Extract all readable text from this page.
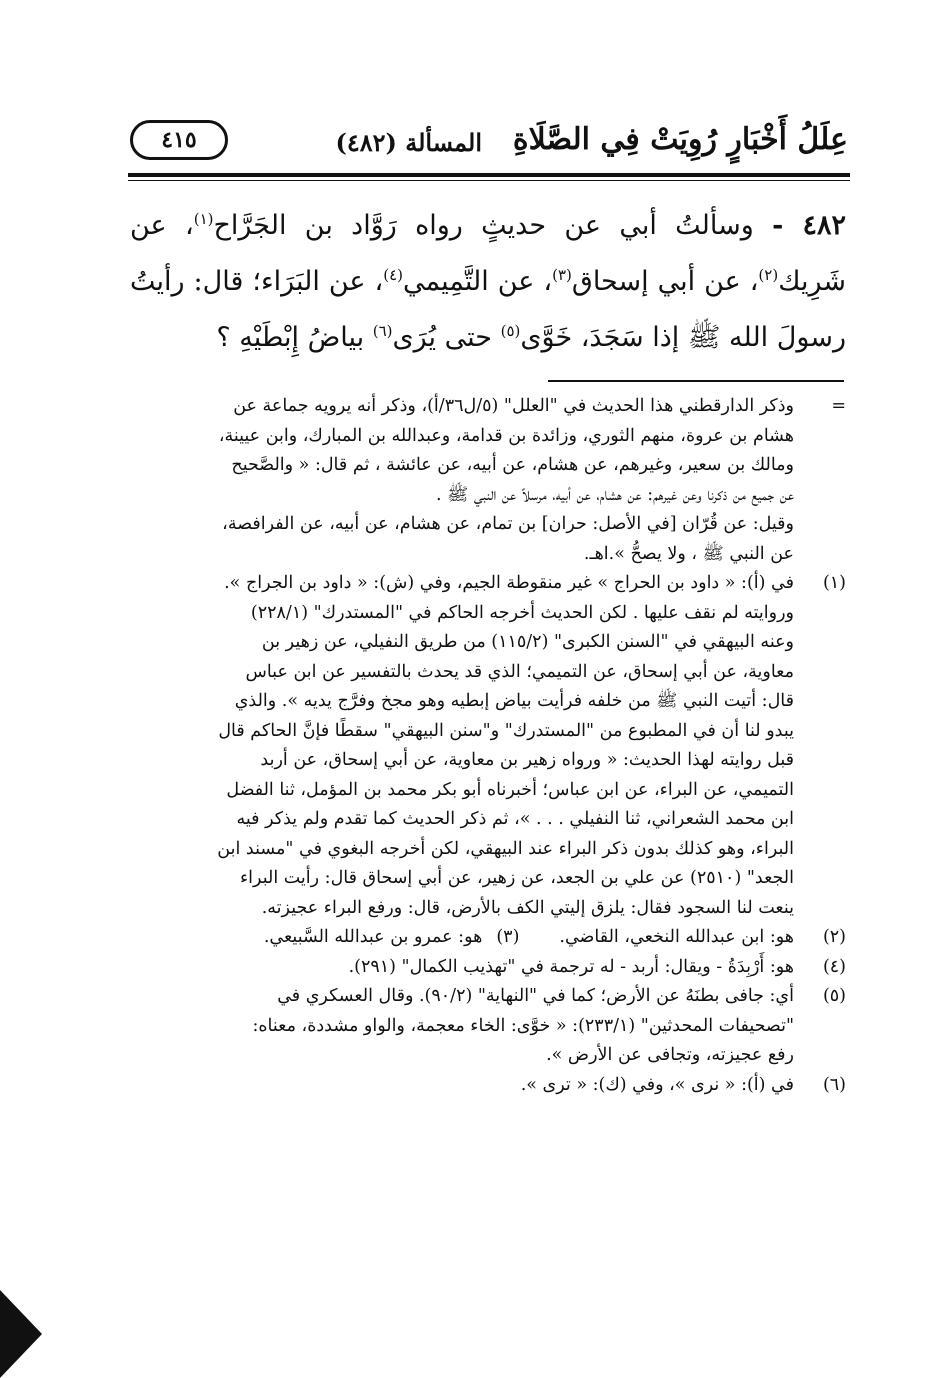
عِلَلُ أَخْبَارٍ رُوِيَتْ فِي الصَّلَاةِ
المسألة (٤٨٢)
٤١٥
٤٨٢ - وسألتُ أبي عن حديثٍ رواه رَوَّاد بن الجَرَّاح$^{(١)}$، عن شَرِيك$^{(٢)}$، عن أبي إسحاق$^{(٣)}$، عن التَّمِيمي$^{(٤)}$، عن البَرَاء؛ قال: رأيتُ رسولَ الله ﷺ إذا سَجَدَ، خَوَّى$^{(٥)}$ حتى يُرَى$^{(٦)}$ بياضُ إِبْطَيْهِ ؟
=
وذكر الدارقطني هذا الحديث في "العلل" (٥/ل٣٦/أ)، وذكر أنه يرويه جماعة عن
هشام بن عروة، منهم الثوري، وزائدة بن قدامة، وعبدالله بن المبارك، وابن عيينة،
ومالك بن سعير، وغيرهم، عن هشام، عن أبيه، عن عائشة ، ثم قال: « والصَّحيح
عن جميع من ذكرنا وعن غيرهم: عن هشام، عن أبيه، مرسلاً عن النبي ﷺ .
وقيل: عن قُرّان [في الأصل: حران] بن تمام، عن هشام، عن أبيه، عن الفرافصة،
عن النبي ﷺ ، ولا يصحُّ ».اهـ.
(١)
في (أ): « داود بن الحراج » غير منقوطة الجيم، وفي (ش): « داود بن الجراج ».
وروايته لم نقف عليها . لكن الحديث أخرجه الحاكم في "المستدرك" (٢٢٨/١)
وعنه البيهقي في "السنن الكبرى" (١١٥/٢) من طريق النفيلي، عن زهير بن
معاوية، عن أبي إسحاق، عن التميمي؛ الذي قد يحدث بالتفسير عن ابن عباس
قال: أتيت النبي ﷺ من خلفه فرأيت بياض إبطيه وهو مجخ وفرَّج يديه ». والذي
يبدو لنا أن في المطبوع من "المستدرك" و"سنن البيهقي" سقطًا فإنَّ الحاكم قال
قبل روايته لهذا الحديث: « ورواه زهير بن معاوية، عن أبي إسحاق، عن أربد
التميمي، عن البراء، عن ابن عباس؛ أخبرناه أبو بكر محمد بن المؤمل، ثنا الفضل
ابن محمد الشعراني، ثنا النفيلي . . . »، ثم ذكر الحديث كما تقدم ولم يذكر فيه
البراء، وهو كذلك بدون ذكر البراء عند البيهقي، لكن أخرجه البغوي في "مسند ابن
الجعد" (٢٥١٠) عن علي بن الجعد، عن زهير، عن أبي إسحاق قال: رأيت البراء
ينعت لنا السجود فقال: يلزق إليتي الكف بالأرض، قال: ورفع البراء عجيزته.
(٢)
هو: ابن عبدالله النخعي، القاضي.
(٣)
هو: عمرو بن عبدالله السَّبيعي.
(٤)
هو: أَرْبِدَةُ - ويقال: أربد - له ترجمة في "تهذيب الكمال" (٢٩١).
(٥)
أي: جافى بطنَهُ عن الأرض؛ كما في "النهاية" (٩٠/٢). وقال العسكري في
"تصحيفات المحدثين" (٢٣٣/١): « خوَّى: الخاء معجمة، والواو مشددة، معناه:
رفع عجيزته، وتجافى عن الأرض ».
(٦)
في (أ): « نرى »، وفي (ك): « ترى ».
